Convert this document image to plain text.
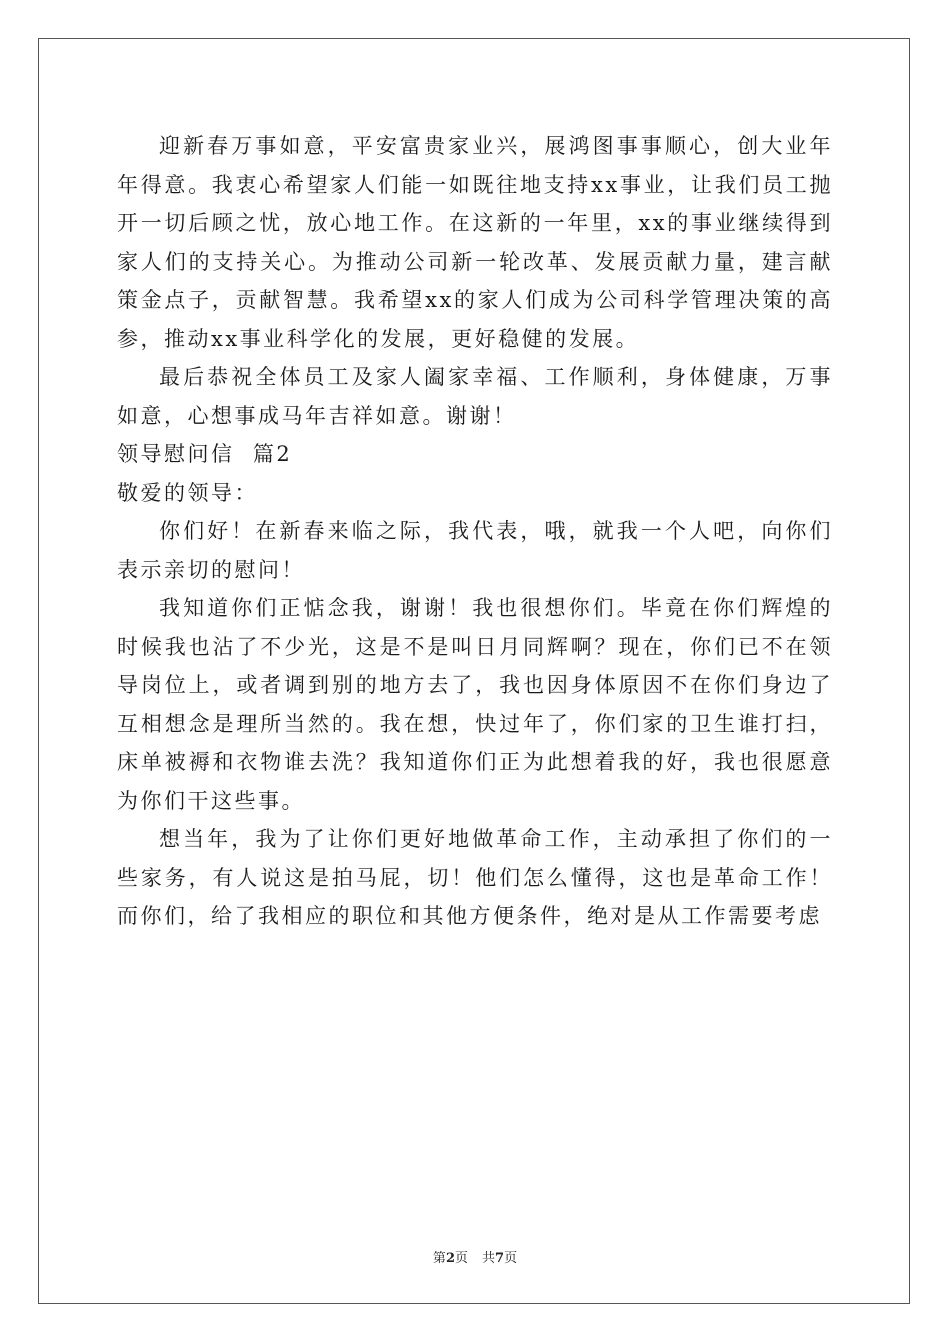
迎新春万事如意，平安富贵家业兴，展鸿图事事顺心，创大业年年得意。我衷心希望家人们能一如既往地支持xx事业，让我们员工抛开一切后顾之忧，放心地工作。在这新的一年里，xx的事业继续得到家人们的支持关心。为推动公司新一轮改革、发展贡献力量，建言献策金点子，贡献智慧。我希望xx的家人们成为公司科学管理决策的高参，推动xx事业科学化的发展，更好稳健的发展。

最后恭祝全体员工及家人阖家幸福、工作顺利，身体健康，万事如意，心想事成马年吉祥如意。谢谢！

领导慰问信  篇2

敬爱的领导：

你们好！在新春来临之际，我代表，哦，就我一个人吧，向你们表示亲切的慰问！

我知道你们正惦念我，谢谢！我也很想你们。毕竟在你们辉煌的时候我也沾了不少光，这是不是叫日月同辉啊？现在，你们已不在领导岗位上，或者调到别的地方去了，我也因身体原因不在你们身边了互相想念是理所当然的。我在想，快过年了，你们家的卫生谁打扫，床单被褥和衣物谁去洗？我知道你们正为此想着我的好，我也很愿意为你们干这些事。

想当年，我为了让你们更好地做革命工作，主动承担了你们的一些家务，有人说这是拍马屁，切！他们怎么懂得，这也是革命工作！而你们，给了我相应的职位和其他方便条件，绝对是从工作需要考虑

第2页 共7页
